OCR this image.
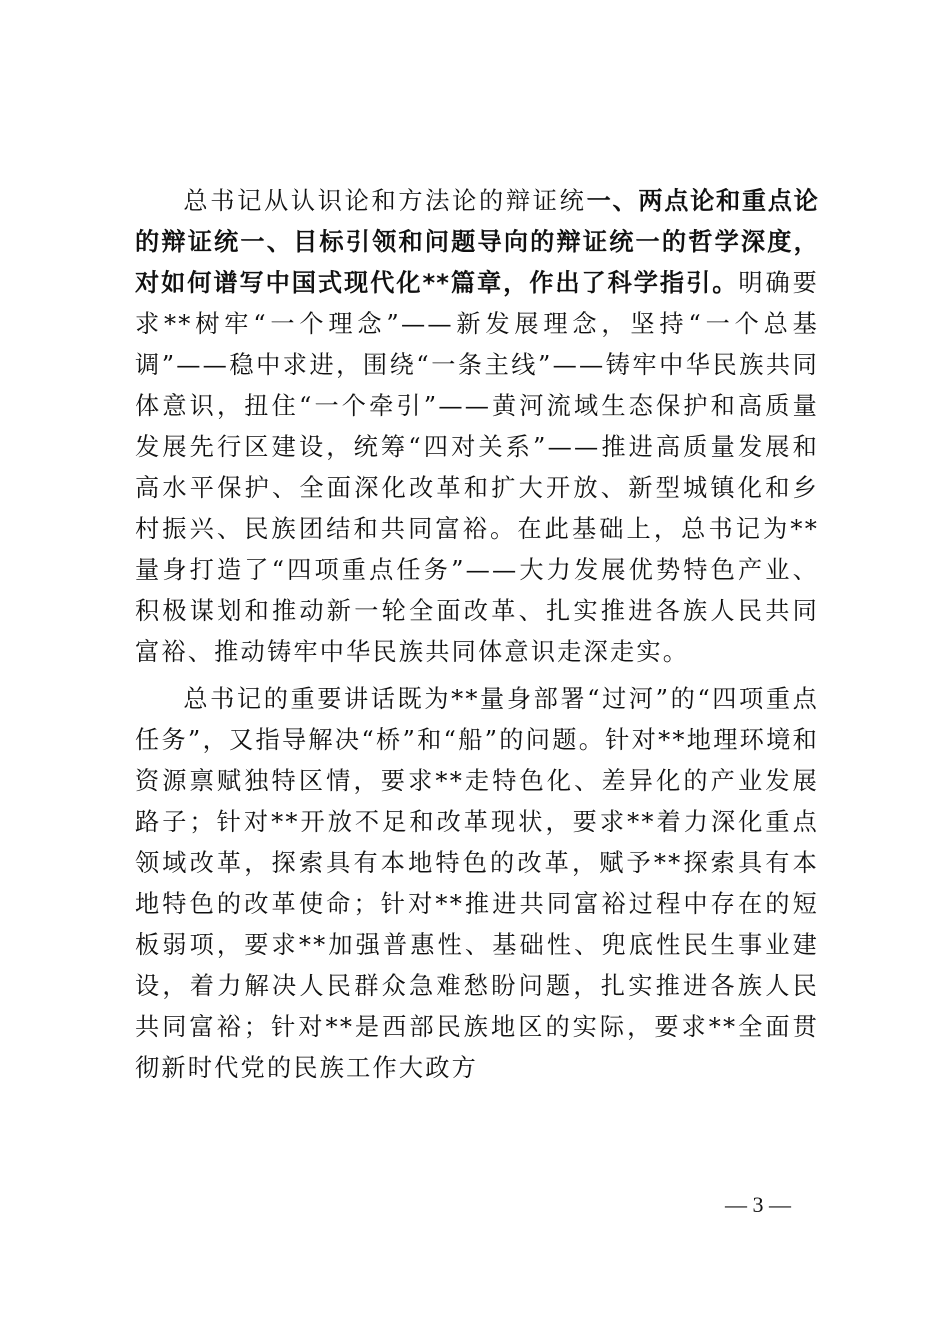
总书记从认识论和方法论的辩证统一、两点论和重点论的辩证统一、目标引领和问题导向的辩证统一的哲学深度，对如何谱写中国式现代化**篇章，作出了科学指引。明确要求**树牢“一个理念”——新发展理念，坚持“一个总基调”——稳中求进，围绕“一条主线”——铸牢中华民族共同体意识，扭住“一个牵引”——黄河流域生态保护和高质量发展先行区建设，统筹“四对关系”——推进高质量发展和高水平保护、全面深化改革和扩大开放、新型城镇化和乡村振兴、民族团结和共同富裕。在此基础上，总书记为**量身打造了“四项重点任务”——大力发展优势特色产业、积极谋划和推动新一轮全面改革、扎实推进各族人民共同富裕、推动铸牢中华民族共同体意识走深走实。

总书记的重要讲话既为**量身部署“过河”的“四项重点任务”，又指导解决“桥”和“船”的问题。针对**地理环境和资源禀赋独特区情，要求**走特色化、差异化的产业发展路子；针对**开放不足和改革现状，要求**着力深化重点领域改革，探索具有本地特色的改革，赋予**探索具有本地特色的改革使命；针对**推进共同富裕过程中存在的短板弱项，要求**加强普惠性、基础性、兜底性民生事业建设，着力解决人民群众急难愁盼问题，扎实推进各族人民共同富裕；针对**是西部民族地区的实际，要求**全面贯彻新时代党的民族工作大政方

— 3 —
